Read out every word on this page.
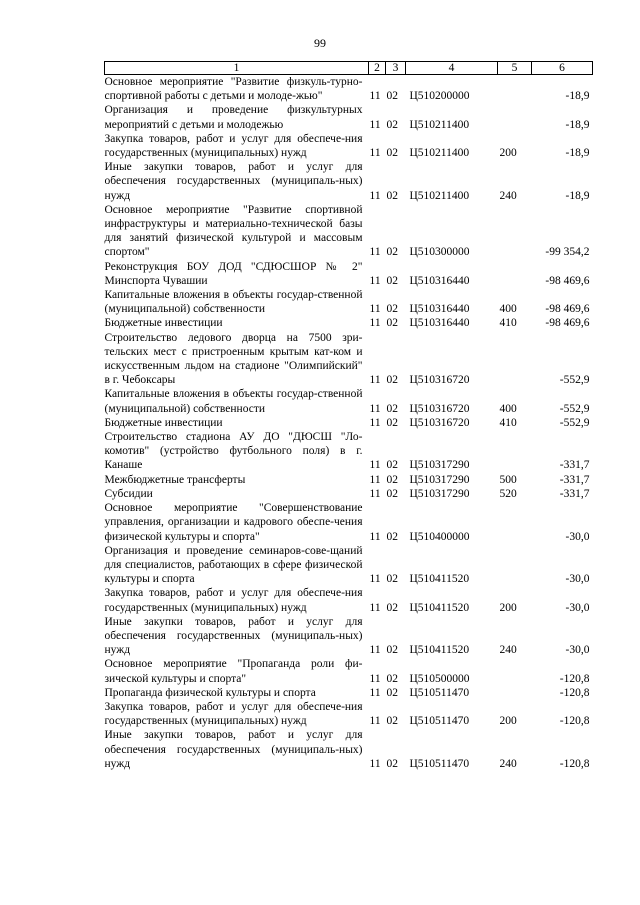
99
1	2	3	4	5	6
Основное мероприятие "Развитие физкуль-турно-спортивной работы с детьми и молоде-жью"	11	02	Ц510200000		-18,9
Организация и проведение физкультурных мероприятий с детьми и молодежью	11	02	Ц510211400		-18,9
Закупка товаров, работ и услуг для обеспече-ния государственных (муниципальных) нужд	11	02	Ц510211400	200	-18,9
Иные закупки товаров, работ и услуг для обеспечения государственных (муниципаль-ных) нужд	11	02	Ц510211400	240	-18,9
Основное мероприятие "Развитие спортивной инфраструктуры и материально-технической базы для занятий физической культурой и массовым спортом"	11	02	Ц510300000		-99 354,2
Реконструкция БОУ ДОД "СДЮСШОР № 2" Минспорта Чувашии	11	02	Ц510316440		-98 469,6
Капитальные вложения в объекты государ-ственной (муниципальной) собственности	11	02	Ц510316440	400	-98 469,6
Бюджетные инвестиции	11	02	Ц510316440	410	-98 469,6
Строительство ледового дворца на 7500 зри-тельских мест с пристроенным крытым кат-ком и искусственным льдом на стадионе "Олимпийский" в г. Чебоксары	11	02	Ц510316720		-552,9
Капитальные вложения в объекты государ-ственной (муниципальной) собственности	11	02	Ц510316720	400	-552,9
Бюджетные инвестиции	11	02	Ц510316720	410	-552,9
Строительство стадиона АУ ДО "ДЮСШ "Ло-комотив" (устройство футбольного поля) в г. Канаше	11	02	Ц510317290		-331,7
Межбюджетные трансферты	11	02	Ц510317290	500	-331,7
Субсидии	11	02	Ц510317290	520	-331,7
Основное мероприятие "Совершенствование управления, организации и кадрового обеспе-чения физической культуры и спорта"	11	02	Ц510400000		-30,0
Организация и проведение семинаров-сове-щаний для специалистов, работающих в сфере физической культуры и спорта	11	02	Ц510411520		-30,0
Закупка товаров, работ и услуг для обеспече-ния государственных (муниципальных) нужд	11	02	Ц510411520	200	-30,0
Иные закупки товаров, работ и услуг для обеспечения государственных (муниципаль-ных) нужд	11	02	Ц510411520	240	-30,0
Основное мероприятие "Пропаганда роли фи-зической культуры и спорта"	11	02	Ц510500000		-120,8
Пропаганда физической культуры и спорта	11	02	Ц510511470		-120,8
Закупка товаров, работ и услуг для обеспече-ния государственных (муниципальных) нужд	11	02	Ц510511470	200	-120,8
Иные закупки товаров, работ и услуг для обеспечения государственных (муниципаль-ных) нужд	11	02	Ц510511470	240	-120,8
